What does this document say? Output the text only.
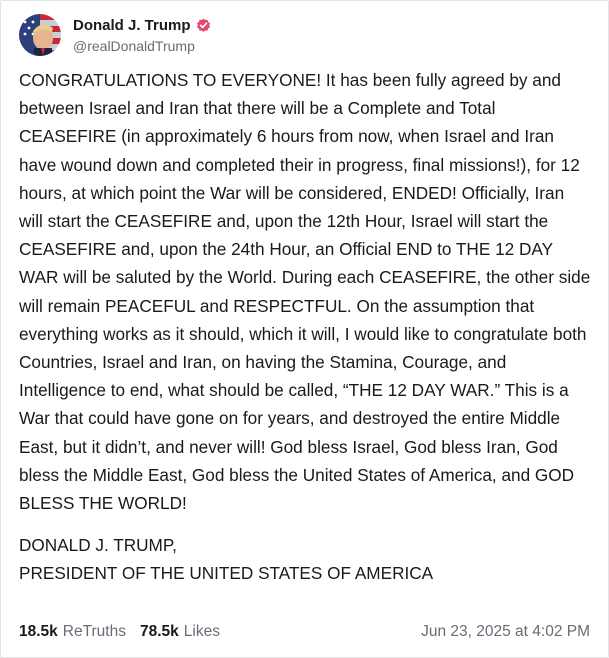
Donald J. Trump
@realDonaldTrump

CONGRATULATIONS TO EVERYONE! It has been fully agreed by and between Israel and Iran that there will be a Complete and Total CEASEFIRE (in approximately 6 hours from now, when Israel and Iran have wound down and completed their in progress, final missions!), for 12 hours, at which point the War will be considered, ENDED! Officially, Iran will start the CEASEFIRE and, upon the 12th Hour, Israel will start the CEASEFIRE and, upon the 24th Hour, an Official END to THE 12 DAY WAR will be saluted by the World. During each CEASEFIRE, the other side will remain PEACEFUL and RESPECTFUL. On the assumption that everything works as it should, which it will, I would like to congratulate both Countries, Israel and Iran, on having the Stamina, Courage, and Intelligence to end, what should be called, “THE 12 DAY WAR.” This is a War that could have gone on for years, and destroyed the entire Middle East, but it didn’t, and never will! God bless Israel, God bless Iran, God bless the Middle East, God bless the United States of America, and GOD BLESS THE WORLD!

DONALD J. TRUMP,

PRESIDENT OF THE UNITED STATES OF AMERICA

18.5k ReTruths 78.5k Likes	Jun 23, 2025 at 4:02 PM
